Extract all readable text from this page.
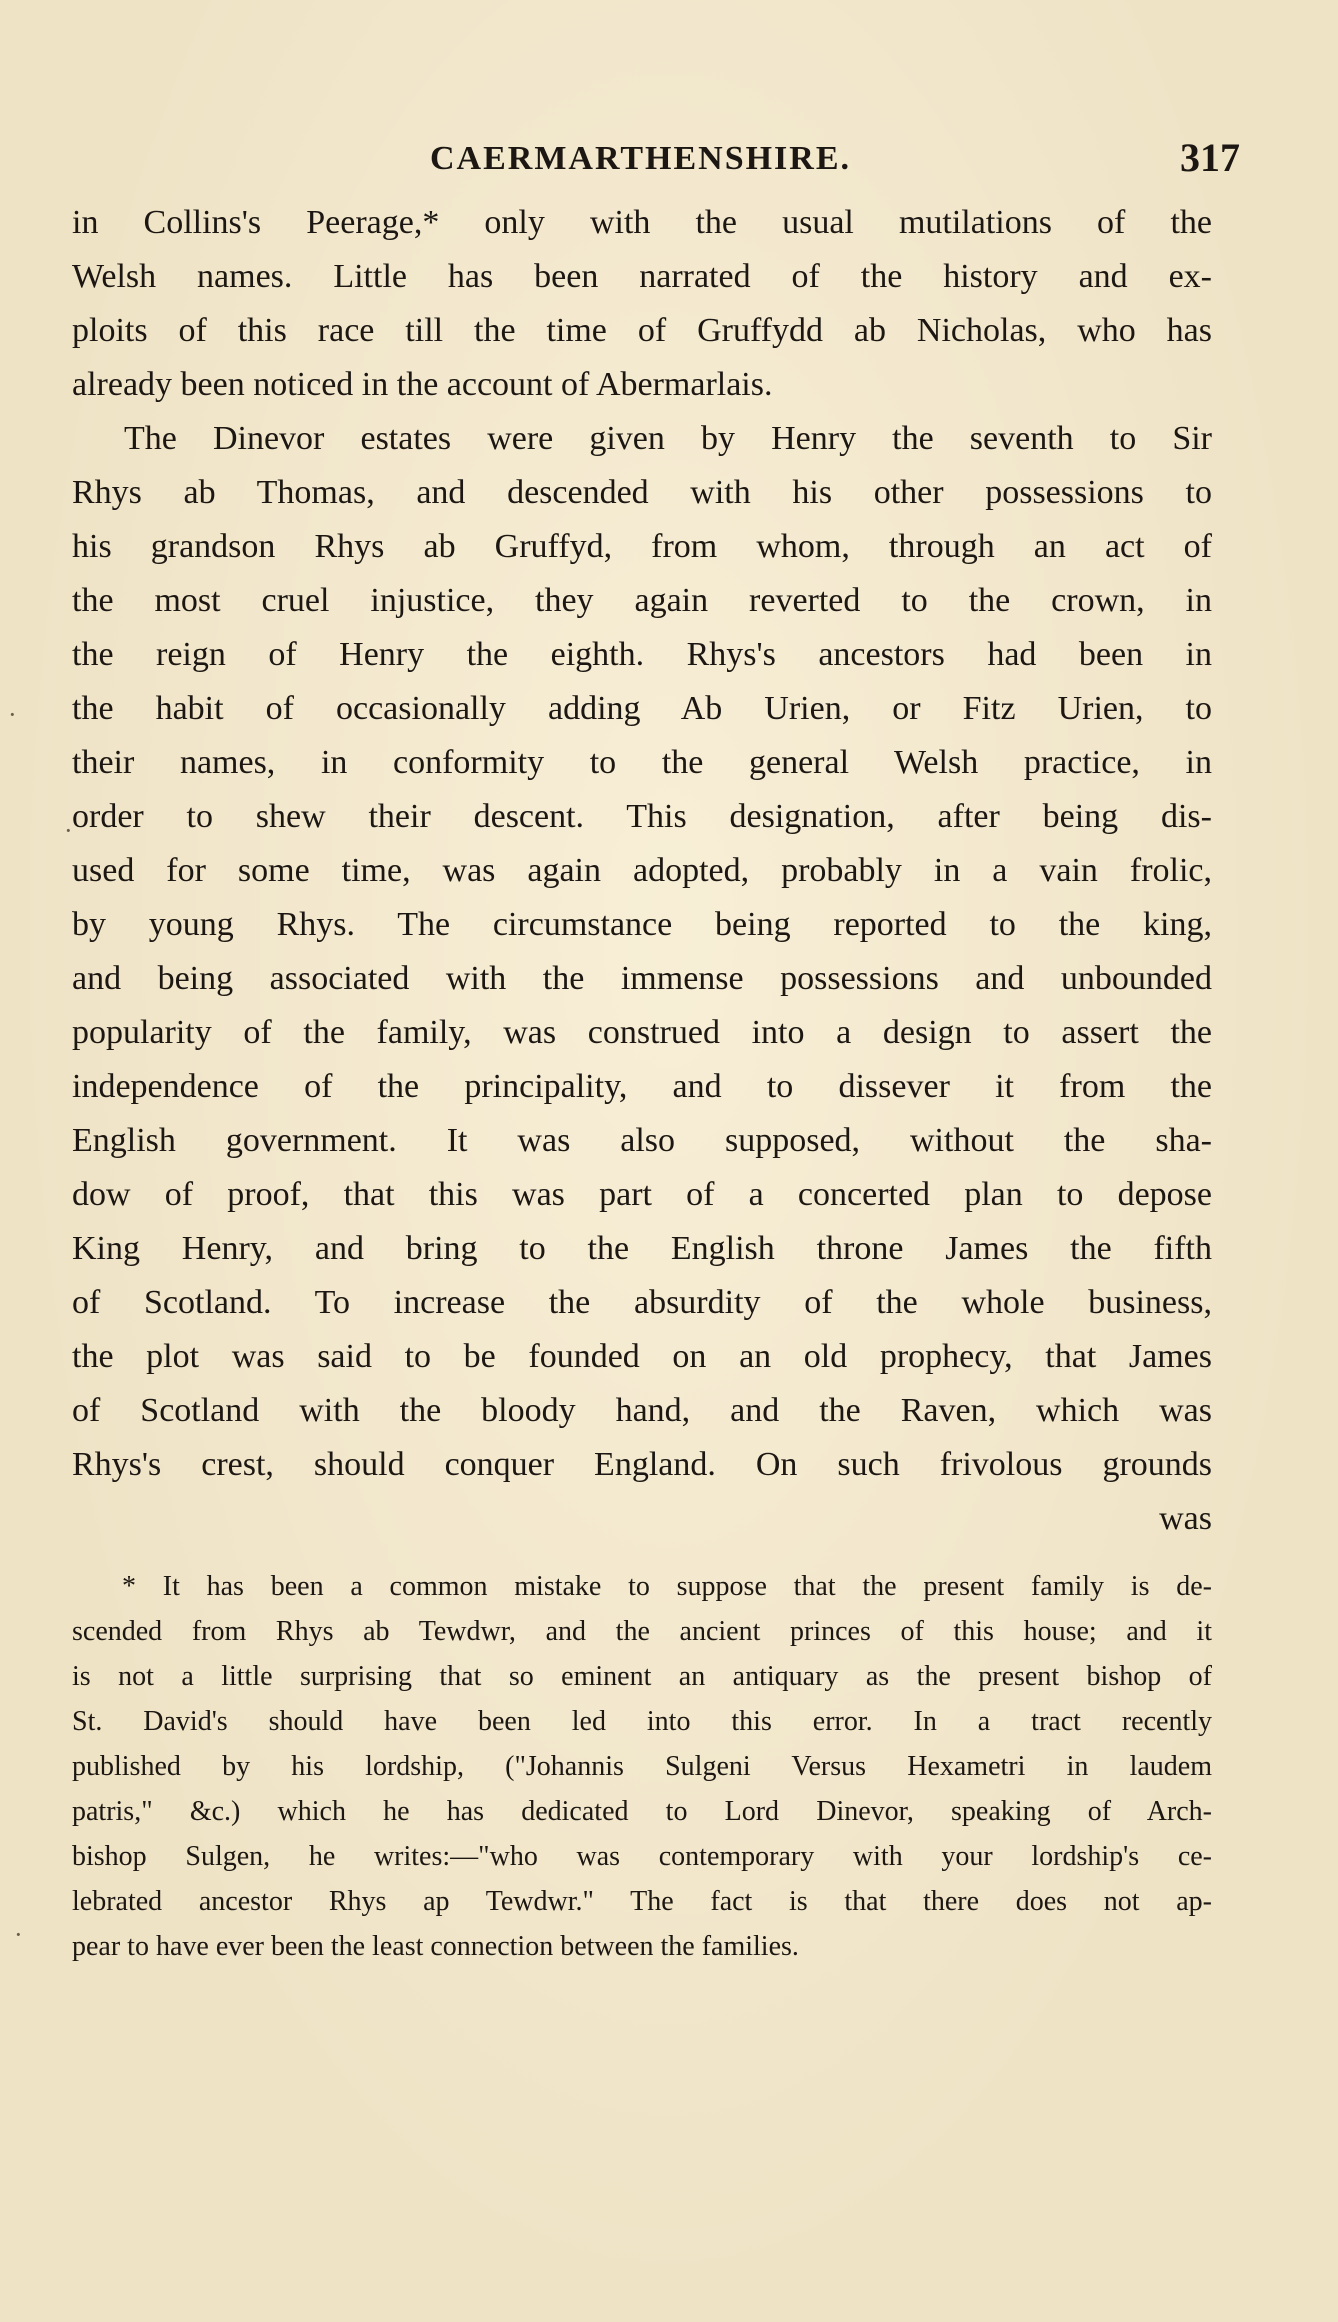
CAERMARTHENSHIRE.	317
in Collins's Peerage,* only with the usual mutilations of the
Welsh names. Little has been narrated of the history and ex-
ploits of this race till the time of Gruffydd ab Nicholas, who has
already been noticed in the account of Abermarlais.
The Dinevor estates were given by Henry the seventh to Sir
Rhys ab Thomas, and descended with his other possessions to
his grandson Rhys ab Gruffyd, from whom, through an act of
the most cruel injustice, they again reverted to the crown, in
the reign of Henry the eighth. Rhys's ancestors had been in
the habit of occasionally adding Ab Urien, or Fitz Urien, to
their names, in conformity to the general Welsh practice, in
order to shew their descent. This designation, after being dis-
used for some time, was again adopted, probably in a vain frolic,
by young Rhys. The circumstance being reported to the king,
and being associated with the immense possessions and unbounded
popularity of the family, was construed into a design to assert the
independence of the principality, and to dissever it from the
English government. It was also supposed, without the sha-
dow of proof, that this was part of a concerted plan to depose
King Henry, and bring to the English throne James the fifth
of Scotland. To increase the absurdity of the whole business,
the plot was said to be founded on an old prophecy, that James
of Scotland with the bloody hand, and the Raven, which was
Rhys's crest, should conquer England. On such frivolous grounds
was
* It has been a common mistake to suppose that the present family is de-
scended from Rhys ab Tewdwr, and the ancient princes of this house; and it
is not a little surprising that so eminent an antiquary as the present bishop of
St. David's should have been led into this error. In a tract recently
published by his lordship, ("Johannis Sulgeni Versus Hexametri in laudem
patris," &c.) which he has dedicated to Lord Dinevor, speaking of Arch-
bishop Sulgen, he writes:—"who was contemporary with your lordship's ce-
lebrated ancestor Rhys ap Tewdwr." The fact is that there does not ap-
pear to have ever been the least connection between the families.
·
·
·
